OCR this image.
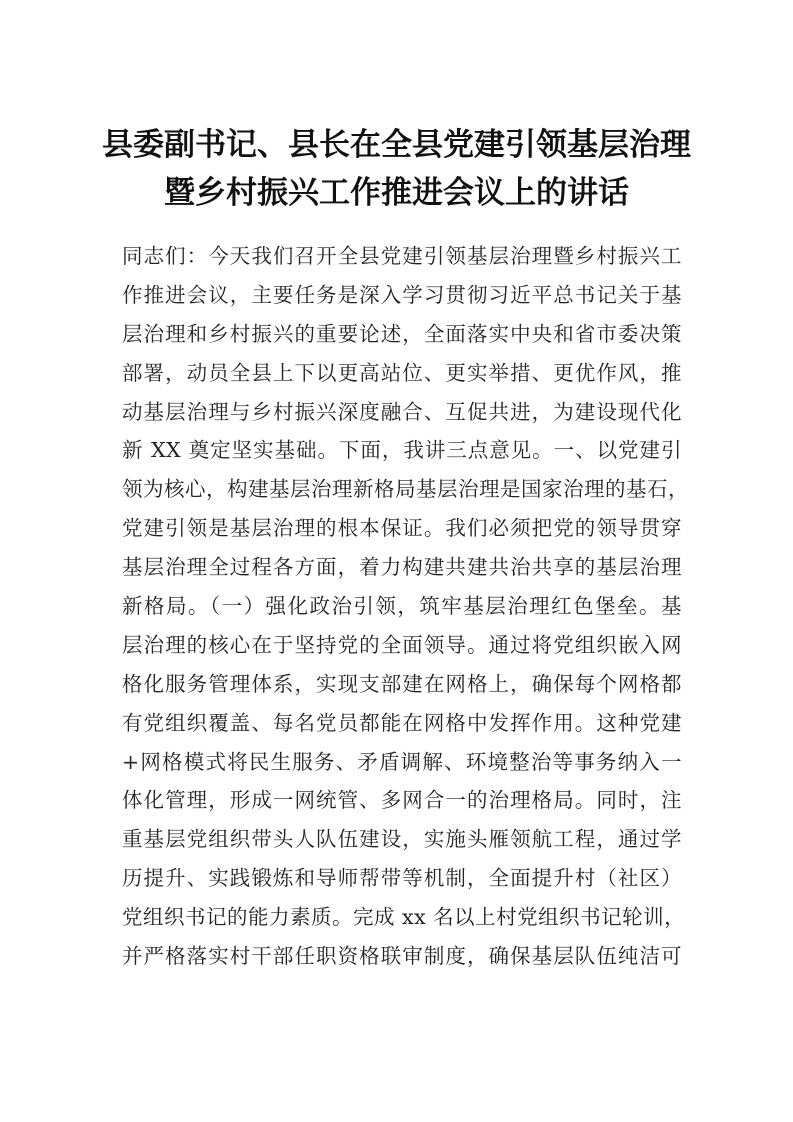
县委副书记、县长在全县党建引领基层治理
暨乡村振兴工作推进会议上的讲话
同志们：今天我们召开全县党建引领基层治理暨乡村振兴工
作推进会议，主要任务是深入学习贯彻习近平总书记关于基
层治理和乡村振兴的重要论述，全面落实中央和省市委决策
部署，动员全县上下以更高站位、更实举措、更优作风，推
动基层治理与乡村振兴深度融合、互促共进，为建设现代化
新 XX 奠定坚实基础。下面，我讲三点意见。一、以党建引
领为核心，构建基层治理新格局基层治理是国家治理的基石，
党建引领是基层治理的根本保证。我们必须把党的领导贯穿
基层治理全过程各方面，着力构建共建共治共享的基层治理
新格局。（一）强化政治引领，筑牢基层治理红色堡垒。基
层治理的核心在于坚持党的全面领导。通过将党组织嵌入网
格化服务管理体系，实现支部建在网格上，确保每个网格都
有党组织覆盖、每名党员都能在网格中发挥作用。这种党建
+网格模式将民生服务、矛盾调解、环境整治等事务纳入一
体化管理，形成一网统管、多网合一的治理格局。同时，注
重基层党组织带头人队伍建设，实施头雁领航工程，通过学
历提升、实践锻炼和导师帮带等机制，全面提升村（社区）
党组织书记的能力素质。完成 xx 名以上村党组织书记轮训，
并严格落实村干部任职资格联审制度，确保基层队伍纯洁可
